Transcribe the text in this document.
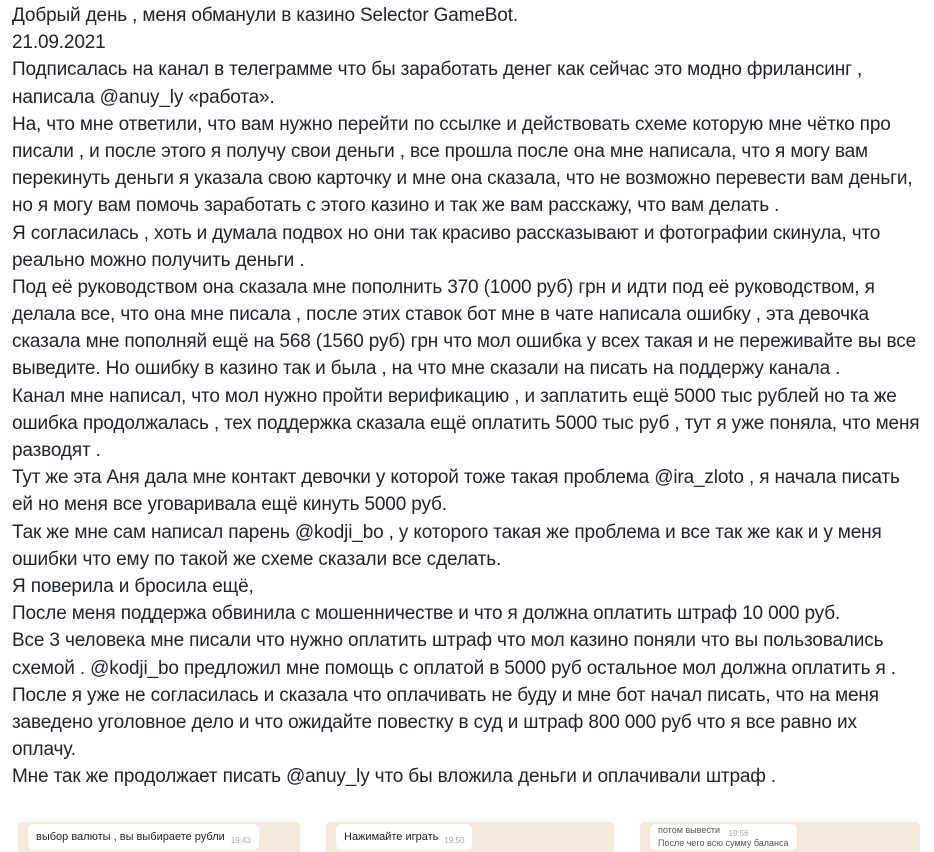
Добрый день , меня обманули в казино Selector GameBot.
21.09.2021
Подписалась на канал в телеграмме что бы заработать денег как сейчас это модно фрилансинг ,
написала @anuy_ly «работа».
На, что мне ответили, что вам нужно перейти по ссылке и действовать схеме которую мне чётко про
писали , и после этого я получу свои деньги , все прошла после она мне написала, что я могу вам
перекинуть деньги я указала свою карточку и мне она сказала, что не возможно перевести вам деньги,
но я могу вам помочь заработать с этого казино и так же вам расскажу, что вам делать .
Я согласилась , хоть и думала подвох но они так красиво рассказывают и фотографии скинула, что
реально можно получить деньги .
Под её руководством она сказала мне пополнить 370 (1000 руб) грн и идти под её руководством, я
делала все, что она мне писала , после этих ставок бот мне в чате написала ошибку , эта девочка
сказала мне пополняй ещё на 568 (1560 руб) грн что мол ошибка у всех такая и не переживайте вы все
выведите. Но ошибку в казино так и была , на что мне сказали на писать на поддержу канала .
Канал мне написал, что мол нужно пройти верификацию , и заплатить ещё 5000 тыс рублей но та же
ошибка продолжалась , тех поддержка сказала ещё оплатить 5000 тыс руб , тут я уже поняла, что меня
разводят .
Тут же эта Аня дала мне контакт девочки у которой тоже такая проблема @ira_zloto , я начала писать
ей но меня все уговаривала ещё кинуть 5000 руб.
Так же мне сам написал парень @kodji_bo , у которого такая же проблема и все так же как и у меня
ошибки что ему по такой же схеме сказали все сделать.
Я поверила и бросила ещё,
После меня поддержа обвинила с мошенничестве и что я должна оплатить штраф 10 000 руб.
Все 3 человека мне писали что нужно оплатить штраф что мол казино поняли что вы пользовались
схемой . @kodji_bo предложил мне помощь с оплатой в 5000 руб остальное мол должна оплатить я .
После я уже не согласилась и сказала что оплачивать не буду и мне бот начал писать, что на меня
заведено уголовное дело и что ожидайте повестку в суд и штраф 800 000 руб что я все равно их
оплачу.
Мне так же продолжает писать @anuy_ly что бы вложила деньги и оплачивали штраф .
выбор валюты , вы выбираете рубли 19:43	Нажимайте играть 19:50
потом вывести 19:56
После чего всю сумму баланса
